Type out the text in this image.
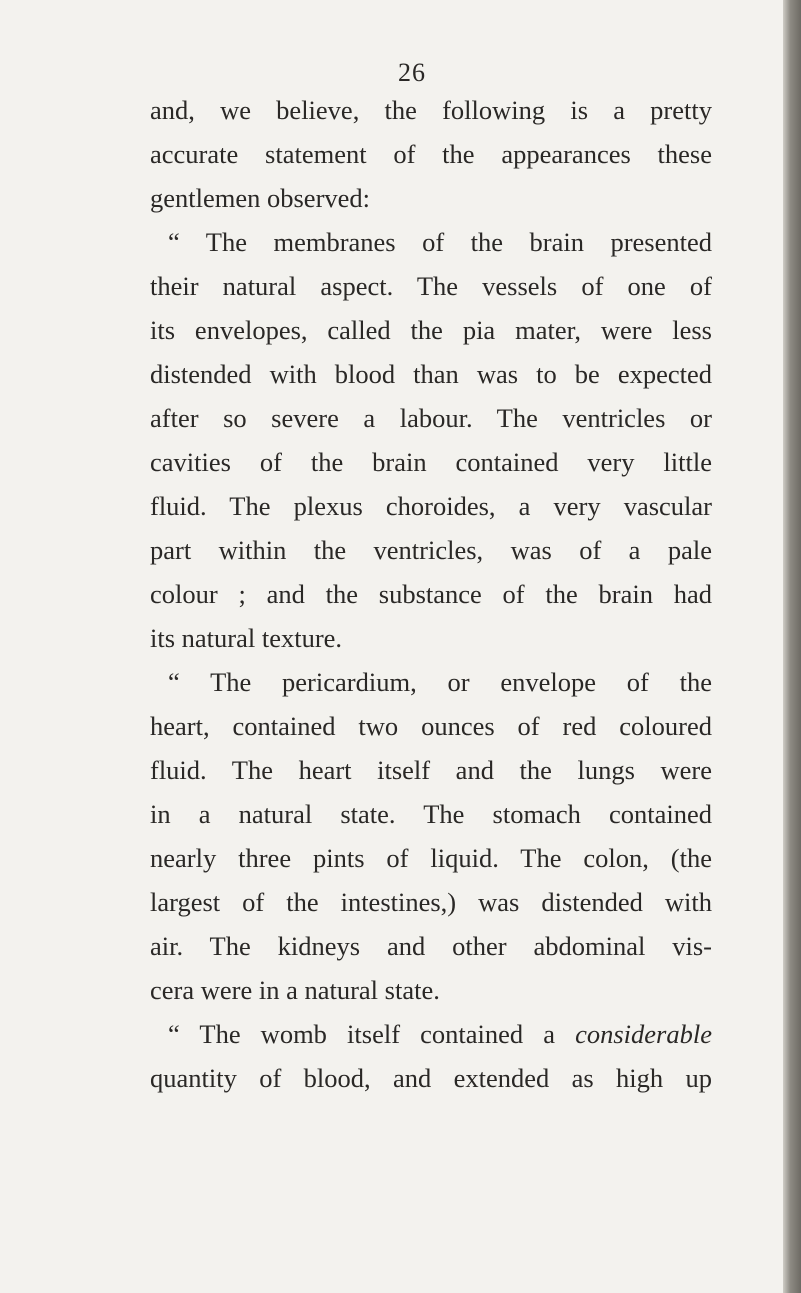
26
and, we believe, the following is a pretty
accurate statement of the appearances these
gentlemen observed:
“ The membranes of the brain presented
their natural aspect. The vessels of one of
its envelopes, called the pia mater, were less
distended with blood than was to be expected
after so severe a labour. The ventricles or
cavities of the brain contained very little
fluid. The plexus choroides, a very vascular
part within the ventricles, was of a pale
colour ; and the substance of the brain had
its natural texture.
“ The pericardium, or envelope of the
heart, contained two ounces of red coloured
fluid. The heart itself and the lungs were
in a natural state. The stomach contained
nearly three pints of liquid. The colon, (the
largest of the intestines,) was distended with
air. The kidneys and other abdominal vis-
cera were in a natural state.
“ The womb itself contained a considerable
quantity of blood, and extended as high up
